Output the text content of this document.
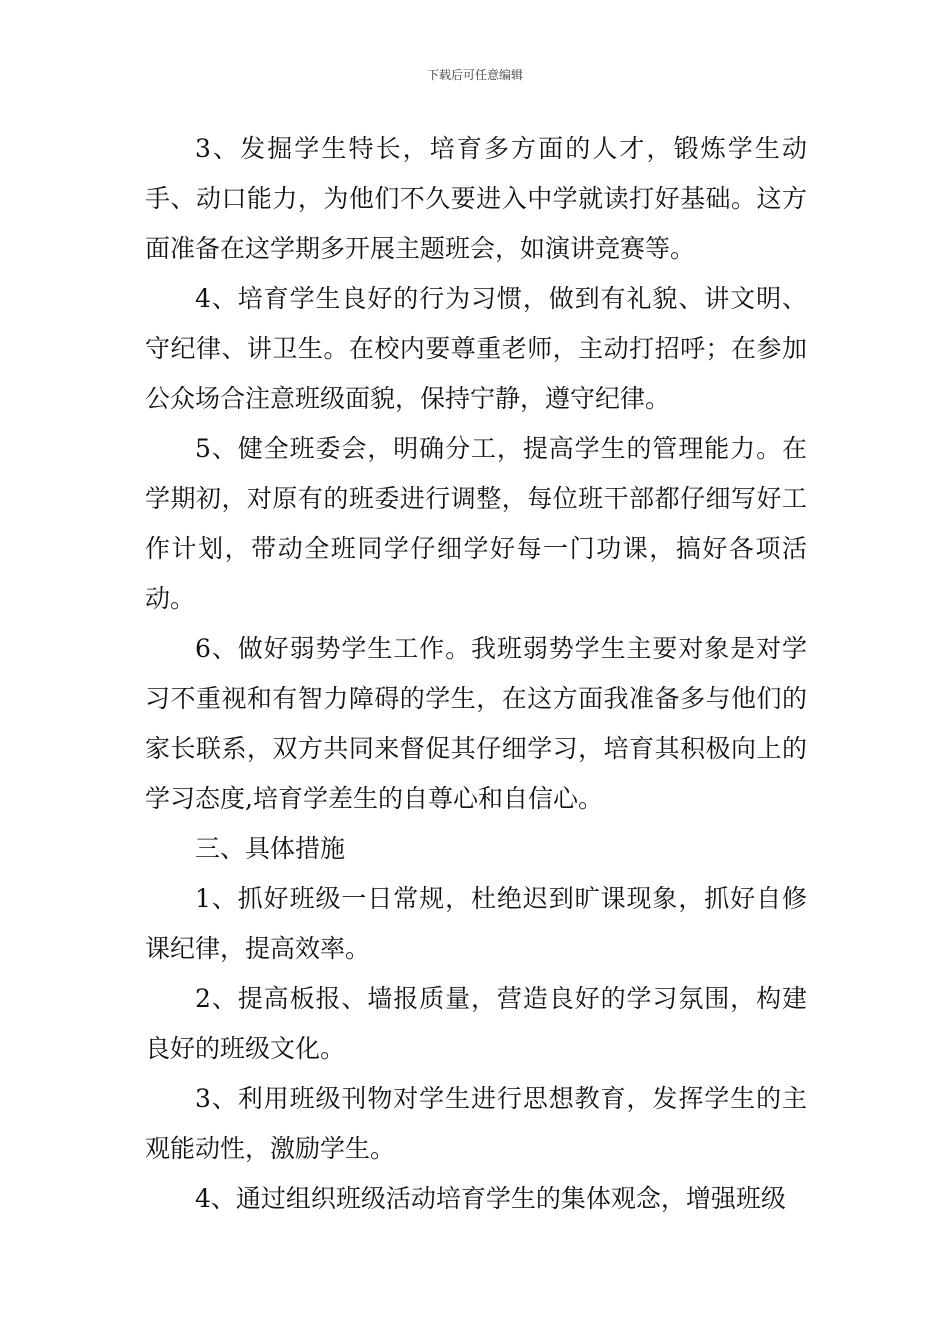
下载后可任意编辑

3、发掘学生特长，培育多方面的人才，锻炼学生动手、动口能力，为他们不久要进入中学就读打好基础。这方面准备在这学期多开展主题班会，如演讲竞赛等。

4、培育学生良好的行为习惯，做到有礼貌、讲文明、守纪律、讲卫生。在校内要尊重老师，主动打招呼；在参加公众场合注意班级面貌，保持宁静，遵守纪律。

5、健全班委会，明确分工，提高学生的管理能力。在学期初，对原有的班委进行调整，每位班干部都仔细写好工作计划，带动全班同学仔细学好每一门功课，搞好各项活动。

6、做好弱势学生工作。我班弱势学生主要对象是对学习不重视和有智力障碍的学生，在这方面我准备多与他们的家长联系，双方共同来督促其仔细学习，培育其积极向上的学习态度,培育学差生的自尊心和自信心。

三、具体措施

1、抓好班级一日常规，杜绝迟到旷课现象，抓好自修课纪律，提高效率。

2、提高板报、墙报质量，营造良好的学习氛围，构建良好的班级文化。

3、利用班级刊物对学生进行思想教育，发挥学生的主观能动性，激励学生。

4、通过组织班级活动培育学生的集体观念，增强班级
